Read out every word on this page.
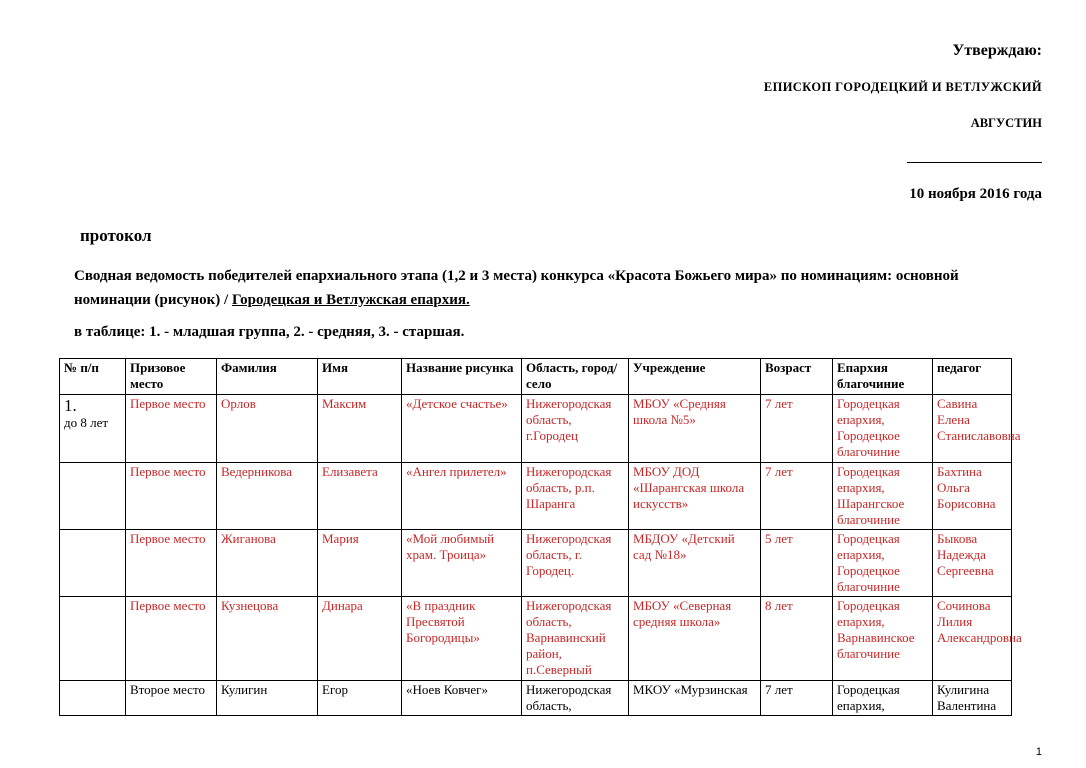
Утверждаю:
ЕПИСКОП ГОРОДЕЦКИЙ И ВЕТЛУЖСКИЙ
АВГУСТИН
10 ноября 2016 года
протокол
Сводная ведомость победителей епархиального этапа (1,2 и 3 места) конкурса «Красота Божьего мира» по номинациям: основной номинации (рисунок) / Городецкая и Ветлужская епархия.
в таблице: 1. - младшая группа, 2. - средняя, 3. - старшая.
№ п/п	Призовое место	Фамилия	Имя	Название рисунка	Область, город/село	Учреждение	Возраст	Епархия благочиние	педагог

1.
до 8 лет	Первое место	Орлов	Максим	«Детское счастье»	Нижегородская область, г.Городец	МБОУ «Средняя школа №5»	7 лет	Городецкая епархия, Городецкое благочиние	Савина Елена Станиславовна
	Первое место	Ведерникова	Елизавета	«Ангел прилетел»	Нижегородская область, р.п. Шаранга	МБОУ ДОД «Шарангская школа искусств»	7 лет	Городецкая епархия, Шарангское благочиние	Бахтина Ольга Борисовна
	Первое место	Жиганова	Мария	«Мой любимый храм. Троица»	Нижегородская область, г. Городец.	МБДОУ «Детский сад №18»	5 лет	Городецкая епархия, Городецкое благочиние	Быкова Надежда Сергеевна
	Первое место	Кузнецова	Динара	«В праздник Пресвятой Богородицы»	Нижегородская область, Варнавинский район, п.Северный	МБОУ «Северная средняя школа»	8 лет	Городецкая епархия, Варнавинское благочиние	Сочинова Лилия Александровна
	Второе место	Кулигин	Егор	«Ноев Ковчег»	Нижегородская область,	МКОУ «Мурзинская	7 лет	Городецкая епархия,	Кулигина Валентина
1
